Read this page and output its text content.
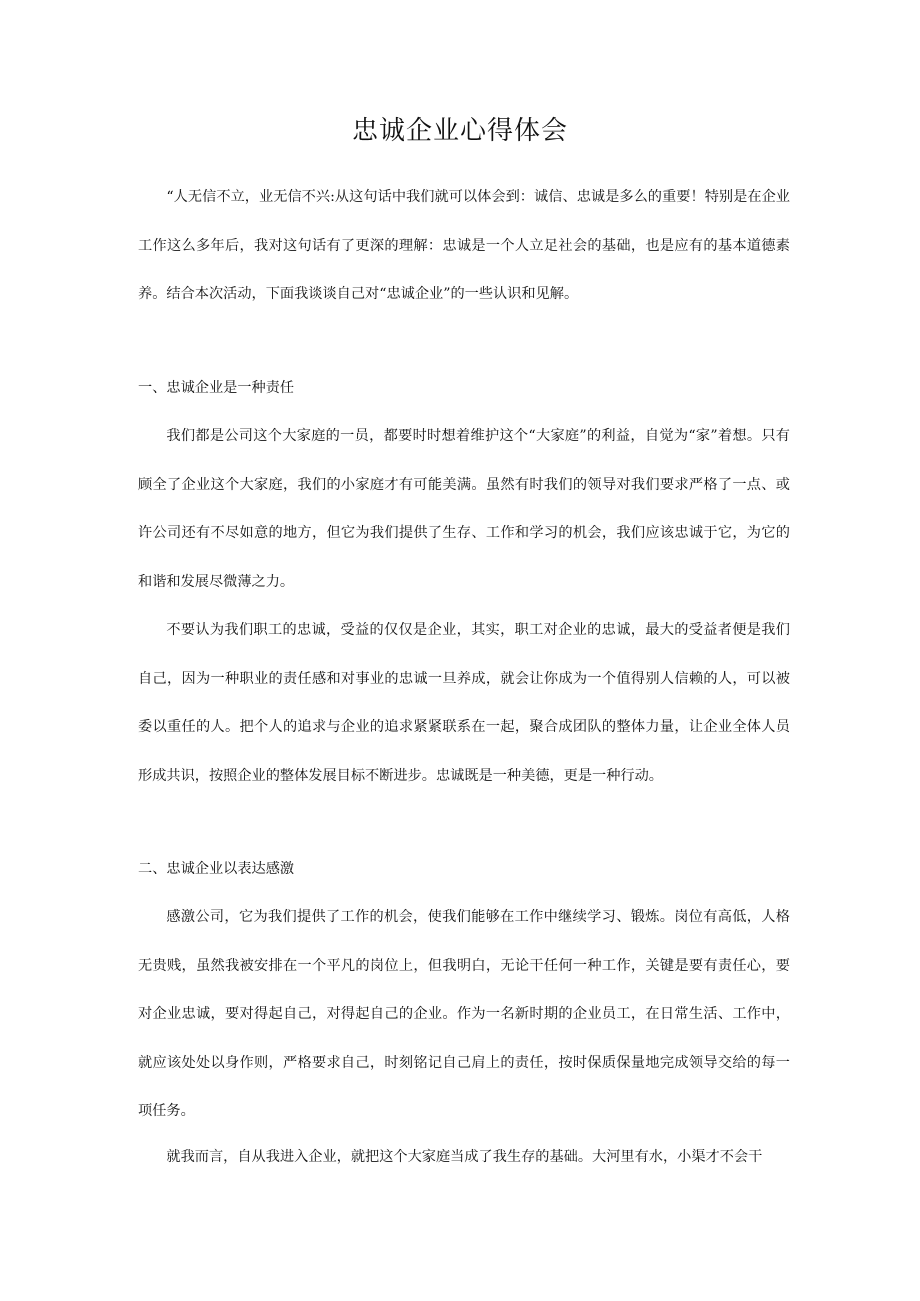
忠诚企业心得体会

“人无信不立，业无信不兴:从这句话中我们就可以体会到：诚信、忠诚是多么的重要！特别是在企业工作这么多年后，我对这句话有了更深的理解：忠诚是一个人立足社会的基础，也是应有的基本道德素养。结合本次活动，下面我谈谈自己对“忠诚企业”的一些认识和见解。

一、忠诚企业是一种责任

我们都是公司这个大家庭的一员，都要时时想着维护这个“大家庭”的利益，自觉为“家”着想。只有顾全了企业这个大家庭，我们的小家庭才有可能美满。虽然有时我们的领导对我们要求严格了一点、或许公司还有不尽如意的地方，但它为我们提供了生存、工作和学习的机会，我们应该忠诚于它，为它的和谐和发展尽微薄之力。

不要认为我们职工的忠诚，受益的仅仅是企业，其实，职工对企业的忠诚，最大的受益者便是我们自己，因为一种职业的责任感和对事业的忠诚一旦养成，就会让你成为一个值得别人信赖的人，可以被委以重任的人。把个人的追求与企业的追求紧紧联系在一起，聚合成团队的整体力量，让企业全体人员形成共识，按照企业的整体发展目标不断进步。忠诚既是一种美德，更是一种行动。

二、忠诚企业以表达感激

感激公司，它为我们提供了工作的机会，使我们能够在工作中继续学习、锻炼。岗位有高低，人格无贵贱，虽然我被安排在一个平凡的岗位上，但我明白，无论干任何一种工作，关键是要有责任心，要对企业忠诚，要对得起自己，对得起自己的企业。作为一名新时期的企业员工，在日常生活、工作中，就应该处处以身作则，严格要求自己，时刻铭记自己肩上的责任，按时保质保量地完成领导交给的每一项任务。

就我而言，自从我进入企业，就把这个大家庭当成了我生存的基础。大河里有水，小渠才不会干
